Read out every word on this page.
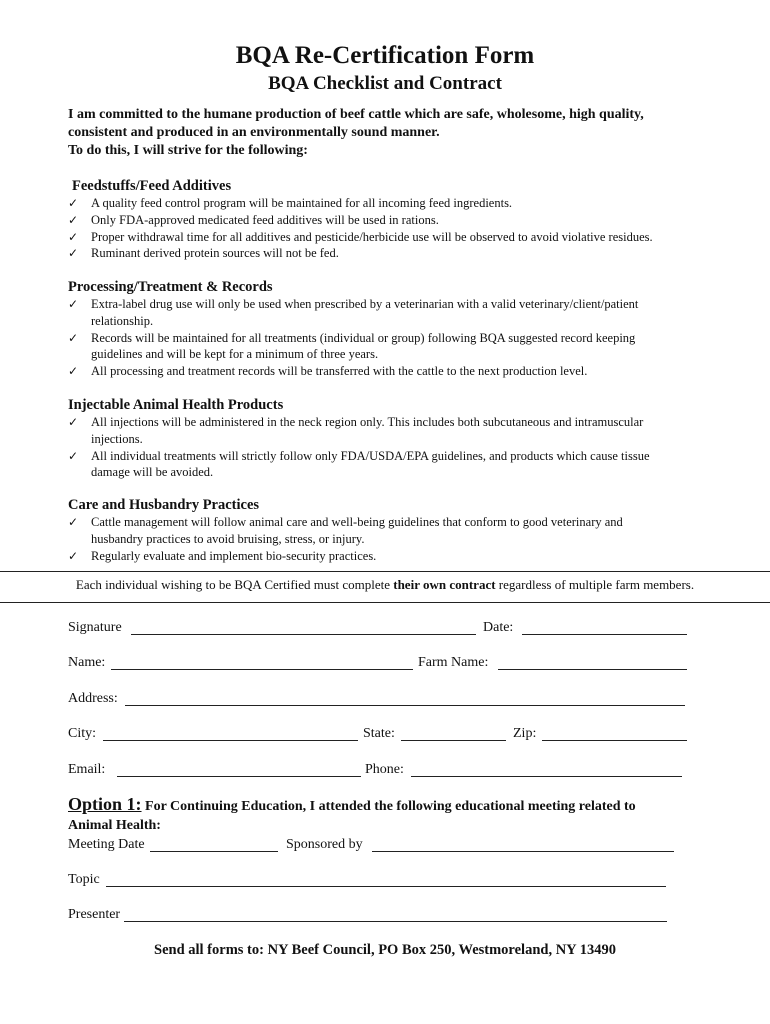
BQA Re-Certification Form
BQA Checklist and Contract
I am committed to the humane production of beef cattle which are safe, wholesome, high quality,
consistent and produced in an environmentally sound manner.
To do this, I will strive for the following:
Feedstuffs/Feed Additives
✓	A quality feed control program will be maintained for all incoming feed ingredients.
✓	Only FDA-approved medicated feed additives will be used in rations.
✓	Proper withdrawal time for all additives and pesticide/herbicide use will be observed to avoid violative residues.
✓	Ruminant derived protein sources will not be fed.
Processing/Treatment & Records
✓	Extra-label drug use will only be used when prescribed by a veterinarian with a valid veterinary/client/patient
relationship.
✓	Records will be maintained for all treatments (individual or group) following BQA suggested record keeping
guidelines and will be kept for a minimum of three years.
✓	All processing and treatment records will be transferred with the cattle to the next production level.
Injectable Animal Health Products
✓	All injections will be administered in the neck region only. This includes both subcutaneous and intramuscular
injections.
✓	All individual treatments will strictly follow only FDA/USDA/EPA guidelines, and products which cause tissue
damage will be avoided.
Care and Husbandry Practices
✓	Cattle management will follow animal care and well-being guidelines that conform to good veterinary and
husbandry practices to avoid bruising, stress, or injury.
✓	Regularly evaluate and implement bio-security practices.
Each individual wishing to be BQA Certified must complete their own contract regardless of multiple farm members.
Signature	Date:
Name:	Farm Name:
Address:
City:	State:	Zip:
Email:	Phone:
Option 1: For Continuing Education, I attended the following educational meeting related to
Animal Health:
Meeting Date	Sponsored by
Topic
Presenter
Send all forms to: NY Beef Council, PO Box 250, Westmoreland, NY 13490
